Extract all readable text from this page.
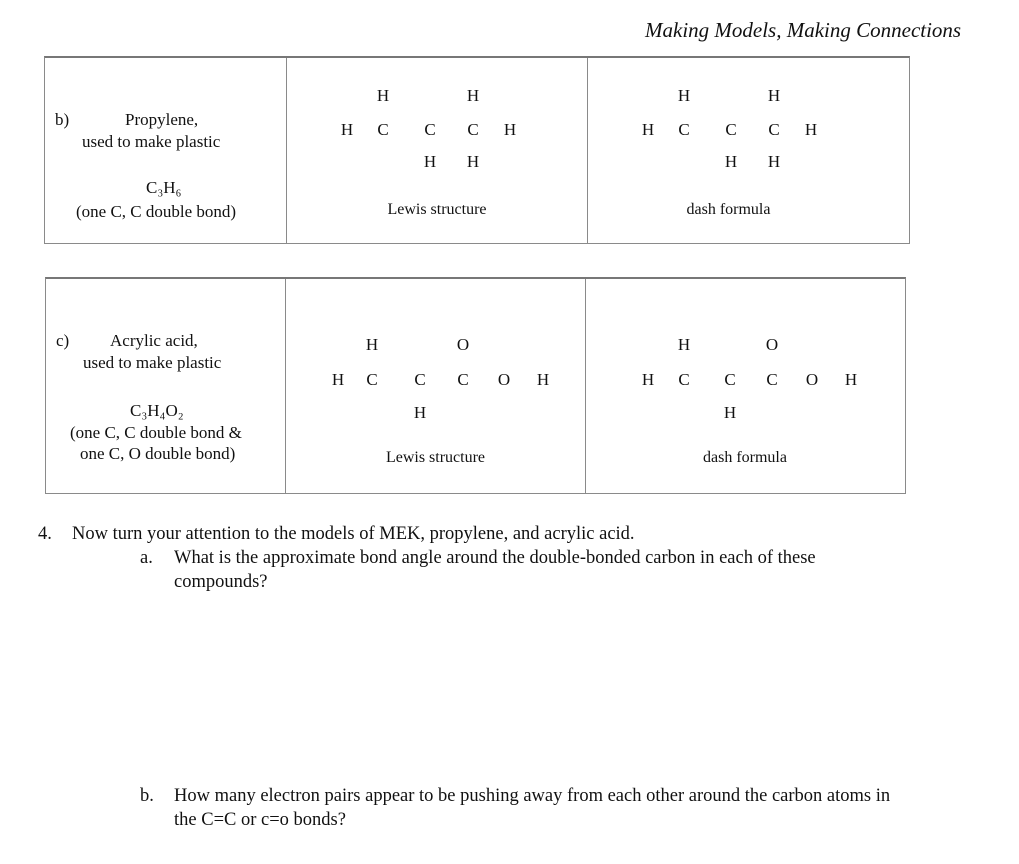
Making Models, Making Connections
b)	Propylene,
used to make plastic
C₃H₆
(one C, C double bond)
H	H
H C C C H
H H
Lewis structure
H	H
H C C C H
H H
dash formula
c) Acrylic acid,
used to make plastic
C₃H₄O₂
(one C, C double bond &
one C, O double bond)
H	O
H C C C O H
H
Lewis structure
H	O
H C C C O H
H
dash formula
4. Now turn your attention to the models of MEK, propylene, and acrylic acid.
a. What is the approximate bond angle around the double-bonded carbon in each of these
compounds?
b. How many electron pairs appear to be pushing away from each other around the carbon atoms in
the C=C or c=o bonds?
